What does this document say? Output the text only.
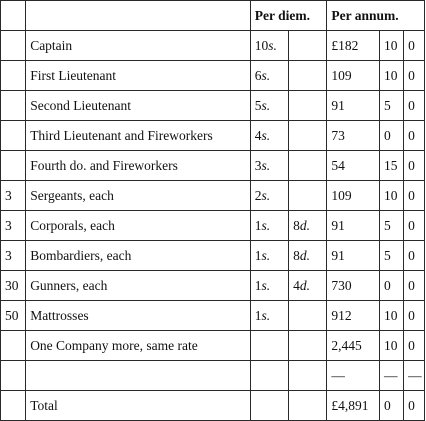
		Per diem.		Per annum.		
	Captain	10s.		£182	10	0
	First Lieutenant	6s.		109	10	0
	Second Lieutenant	5s.		91	5	0
	Third Lieutenant and Fireworkers	4s.		73	0	0
	Fourth do. and Fireworkers	3s.		54	15	0
3	Sergeants, each	2s.		109	10	0
3	Corporals, each	1s.	8d.	91	5	0
3	Bombardiers, each	1s.	8d.	91	5	0
30	Gunners, each	1s.	4d.	730	0	0
50	Mattrosses	1s.		912	10	0
	One Company more, same rate			2,445	10	0
				—	—	—
	Total			£4,891	0	0
